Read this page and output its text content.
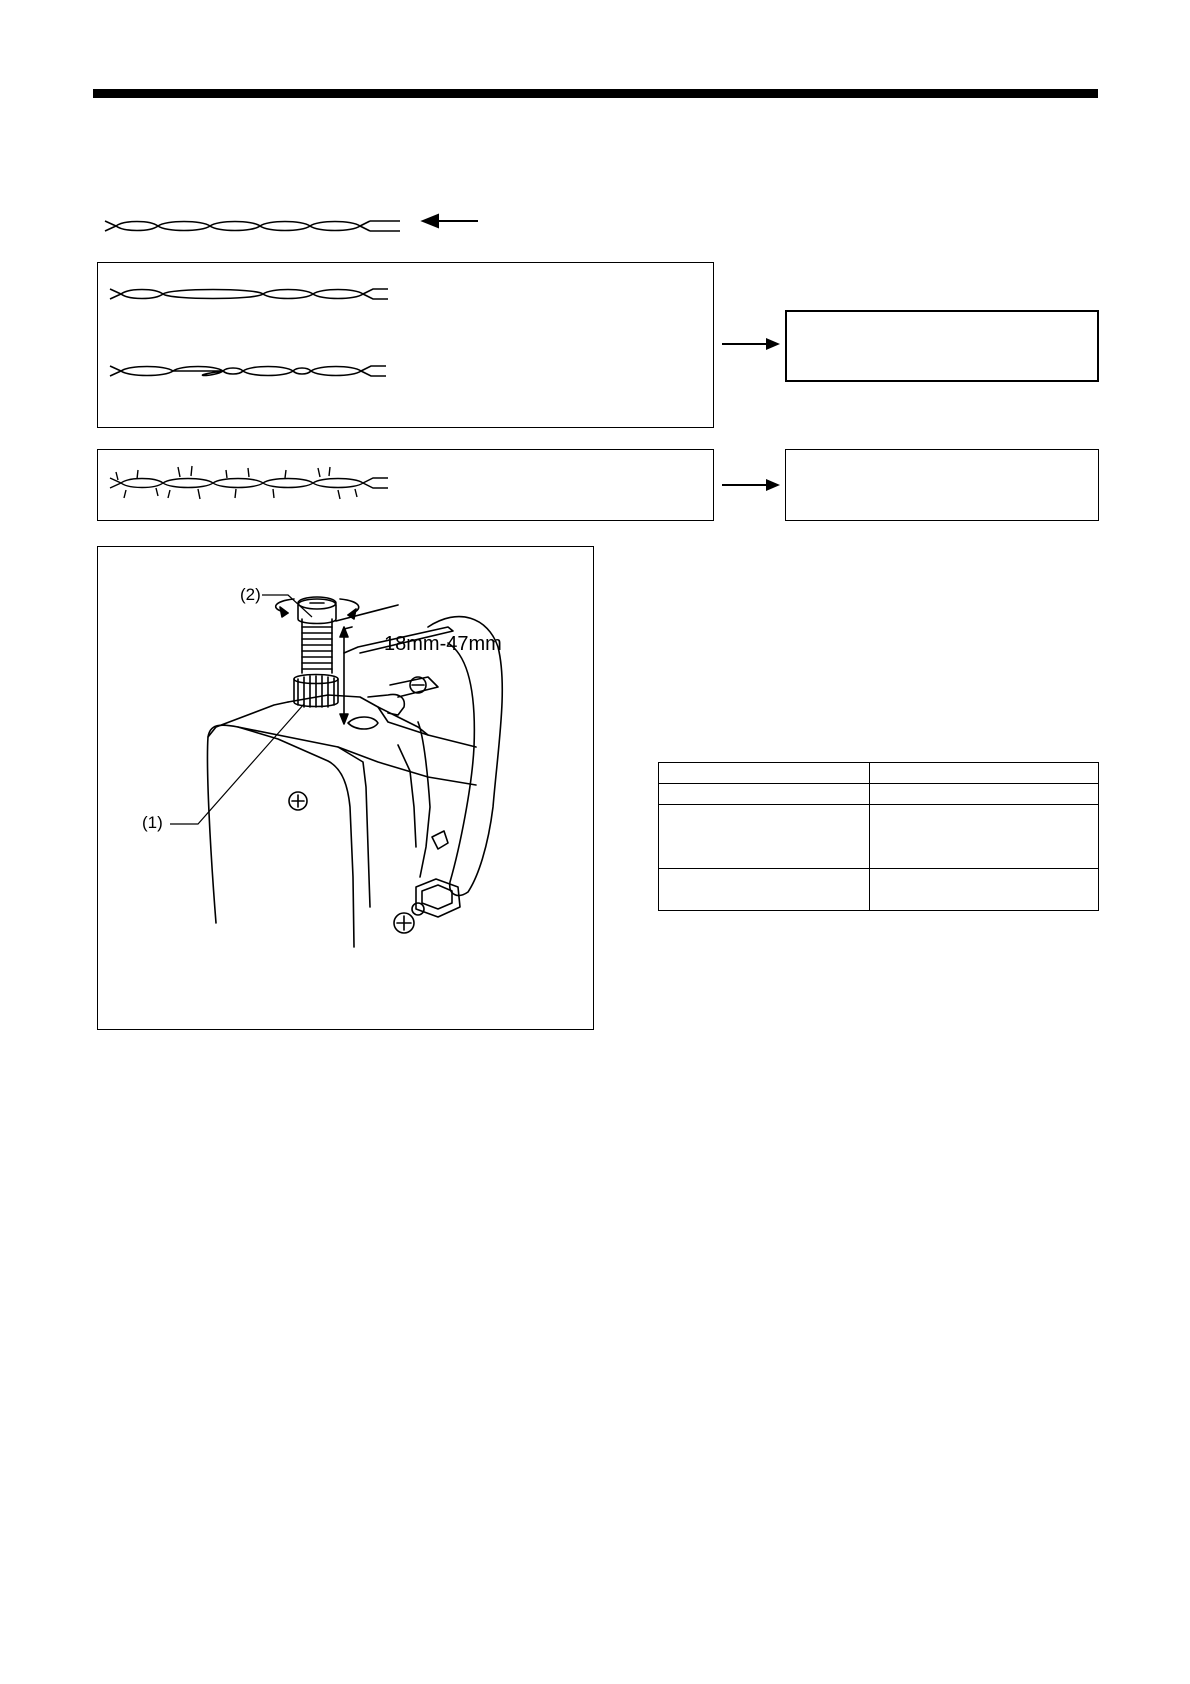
(2)
(1)
18mm-47mm
